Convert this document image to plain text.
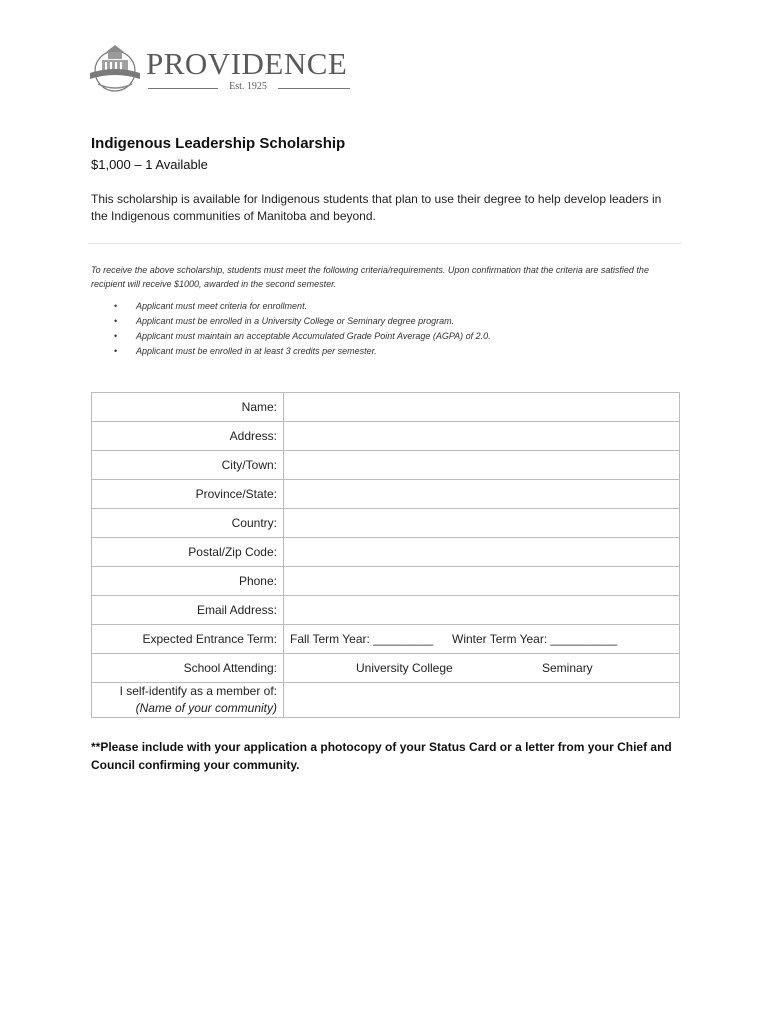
PROVIDENCE
Est. 1925
Indigenous Leadership Scholarship
$1,000 – 1 Available
This scholarship is available for Indigenous students that plan to use their degree to help develop leaders in the Indigenous communities of Manitoba and beyond.
To receive the above scholarship, students must meet the following criteria/requirements. Upon confirmation that the criteria are satisfied the recipient will receive $1000, awarded in the second semester.
• Applicant must meet criteria for enrollment.
• Applicant must be enrolled in a University College or Seminary degree program.
• Applicant must maintain an acceptable Accumulated Grade Point Average (AGPA) of 2.0.
• Applicant must be enrolled in at least 3 credits per semester.
Name:	
Address:	
City/Town:	
Province/State:	
Country:	
Postal/Zip Code:	
Phone:	
Email Address:	
Expected Entrance Term:	Fall Term Year: _________ Winter Term Year: __________
School Attending:	University College Seminary

I self-identify as a member of:
(Name of your community)	

**Please include with your application a photocopy of your Status Card or a letter from your Chief and Council confirming your community.
